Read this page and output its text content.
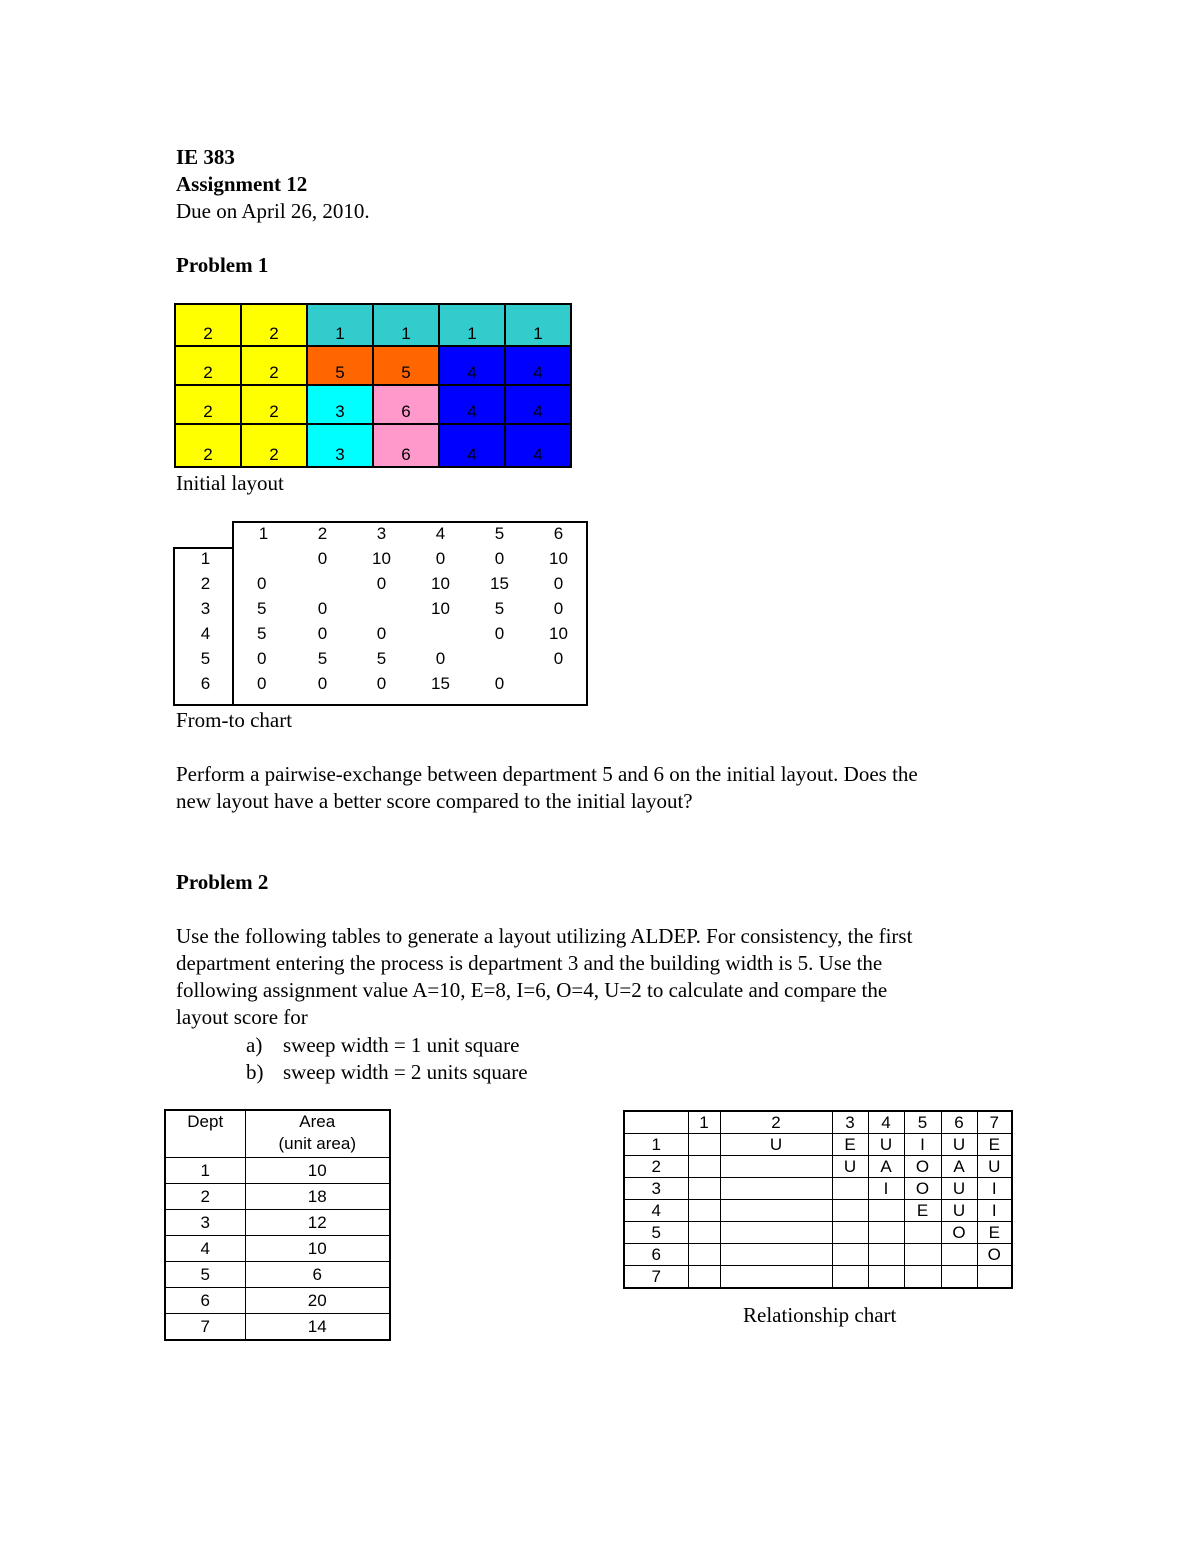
IE 383
Assignment 12
Due on April 26, 2010.
Problem 1
2	2	1	1	1	1
2	2	5	5	4	4
2	2	3	6	4	4
2	2	3	6	4	4
Initial layout
	1	2	3	4	5	6
1		0	10	0	0	10
2	0		0	10	15	0
3	5	0		10	5	0
4	5	0	0		0	10
5	0	5	5	0		0
6	0	0	0	15	0	
From-to chart
Perform a pairwise-exchange between department 5 and 6 on the initial layout. Does the
new layout have a better score compared to the initial layout?
Problem 2
Use the following tables to generate a layout utilizing ALDEP. For consistency, the first
department entering the process is department 3 and the building width is 5. Use the
following assignment value A=10, E=8, I=6, O=4, U=2 to calculate and compare the
layout score for
a) sweep width = 1 unit square
b) sweep width = 2 units square
Dept	Area
(unit area)

1	10
2	18
3	12
4	10
5	6
6	20
7	14
	1	2	3	4	5	6	7
1		U	E	U	I	U	E
2			U	A	O	A	U
3				I	O	U	I
4					E	U	I
5						O	E
6							O
7							
Relationship chart
